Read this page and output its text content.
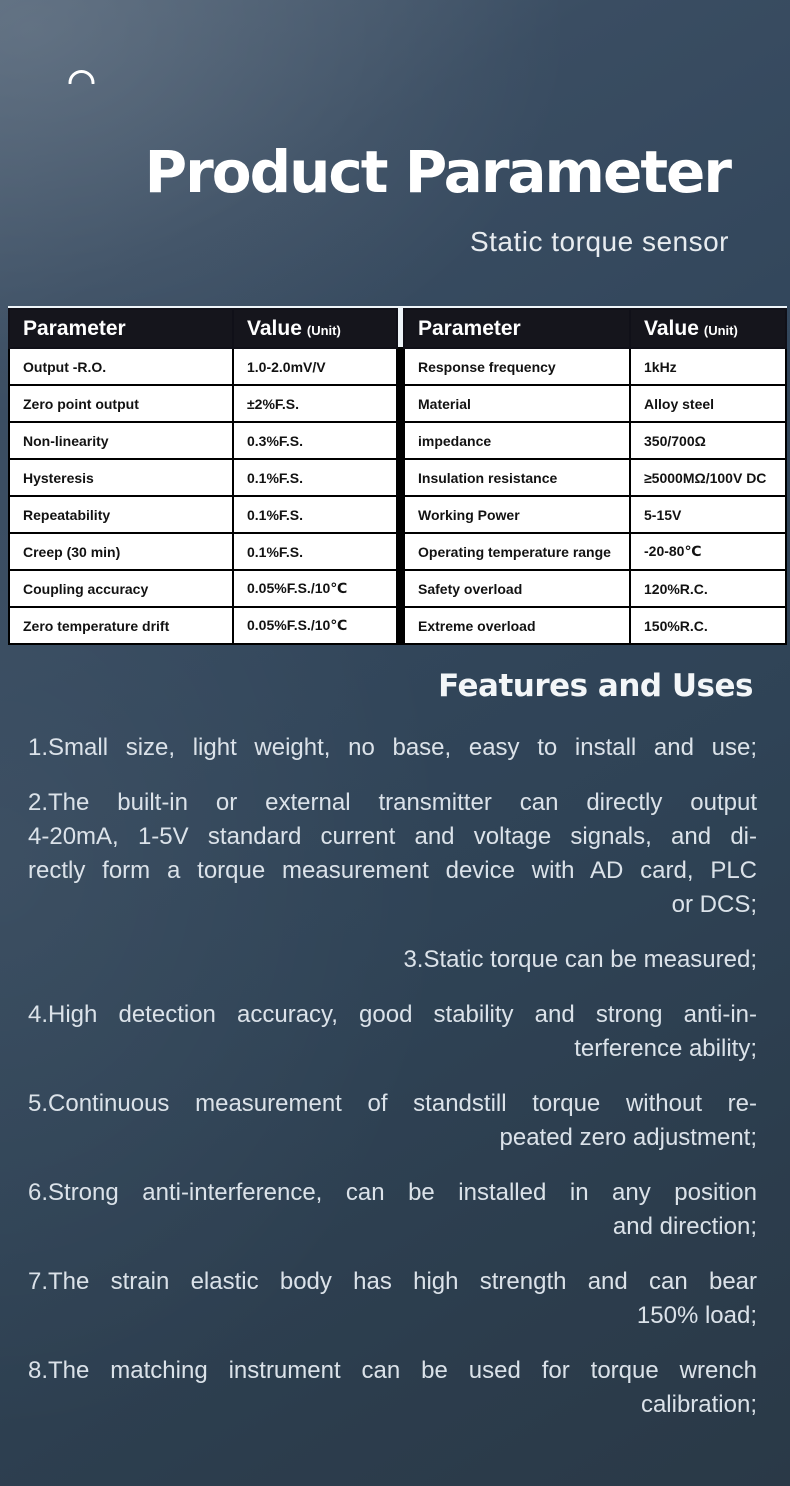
Product Parameter
Static torque sensor
Parameter	Value (Unit)
Output -R.O.	1.0-2.0mV/V
Zero point output	±2%F.S.
Non-linearity	0.3%F.S.
Hysteresis	0.1%F.S.
Repeatability	0.1%F.S.
Creep (30 min)	0.1%F.S.
Coupling accuracy	0.05%F.S./10℃
Zero temperature drift	0.05%F.S./10℃
Parameter	Value (Unit)
Response frequency	1kHz
Material	Alloy steel
impedance	350/700Ω
Insulation resistance	≥5000MΩ/100V DC
Working Power	5-15V
Operating temperature range	-20-80℃
Safety overload	120%R.C.
Extreme overload	150%R.C.
Features and Uses
1.Small size, light weight, no base, easy to install and use;
2.The built-in or external transmitter can directly output
4-20mA, 1-5V standard current and voltage signals, and di-
rectly form a torque measurement device with AD card, PLC
or DCS;
3.Static torque can be measured;
4.High detection accuracy, good stability and strong anti-in-
terference ability;
5.Continuous measurement of standstill torque without re-
peated zero adjustment;
6.Strong anti-interference, can be installed in any position
and direction;
7.The strain elastic body has high strength and can bear
150% load;
8.The matching instrument can be used for torque wrench
calibration;
